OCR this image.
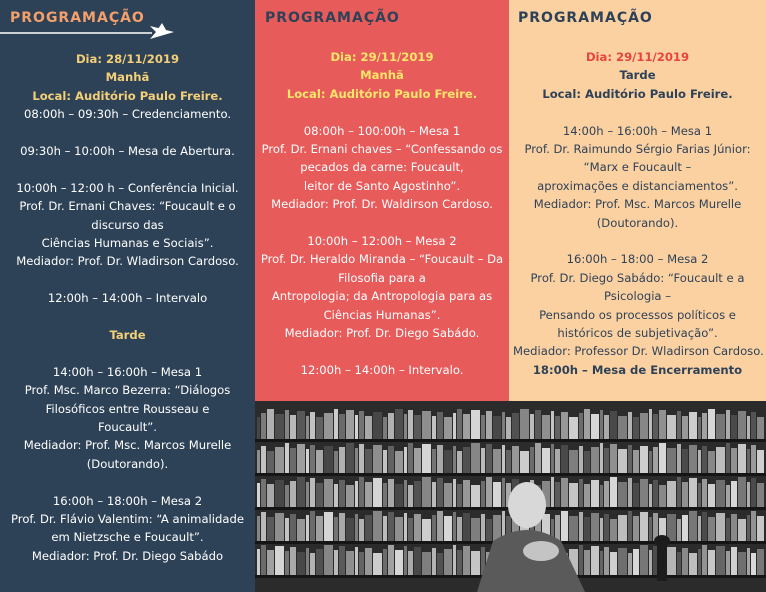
PROGRAMAÇÃO
Dia: 28/11/2019
Manhã
Local: Auditório Paulo Freire.
08:00h – 09:30h – Credenciamento.
09:30h – 10:00h – Mesa de Abertura.
10:00h – 12:00 h – Conferência Inicial.
Prof. Dr. Ernani Chaves: “Foucault e o
discurso das
Ciências Humanas e Sociais”.
Mediador: Prof. Dr. Wladirson Cardoso.
12:00h – 14:00h – Intervalo
Tarde
14:00h – 16:00h – Mesa 1
Prof. Msc. Marco Bezerra: “Diálogos
Filosóficos entre Rousseau e
Foucault”.
Mediador: Prof. Msc. Marcos Murelle
(Doutorando).
16:00h – 18:00h – Mesa 2
Prof. Dr. Flávio Valentim: “A animalidade
em Nietzsche e Foucault”.
Mediador: Prof. Dr. Diego Sabádo
PROGRAMAÇÃO
Dia: 29/11/2019
Manhã
Local: Auditório Paulo Freire.
08:00h – 100:00h – Mesa 1
Prof. Dr. Ernani chaves – “Confessando os
pecados da carne: Foucault,
leitor de Santo Agostinho”.
Mediador: Prof. Dr. Waldirson Cardoso.
10:00h – 12:00h – Mesa 2
Prof. Dr. Heraldo Miranda – “Foucault – Da
Filosofia para a
Antropologia; da Antropologia para as
Ciências Humanas”.
Mediador: Prof. Dr. Diego Sabádo.
12:00h – 14:00h – Intervalo.
PROGRAMAÇÃO
Dia: 29/11/2019
Tarde
Local: Auditório Paulo Freire.
14:00h – 16:00h – Mesa 1
Prof. Dr. Raimundo Sérgio Farias Júnior:
“Marx e Foucault –
aproximações e distanciamentos”.
Mediador: Prof. Msc. Marcos Murelle
(Doutorando).
16:00h – 18:00 – Mesa 2
Prof. Dr. Diego Sabádo: “Foucault e a
Psicologia –
Pensando os processos políticos e
históricos de subjetivação”.
Mediador: Professor Dr. Wladirson Cardoso.
18:00h – Mesa de Encerramento
